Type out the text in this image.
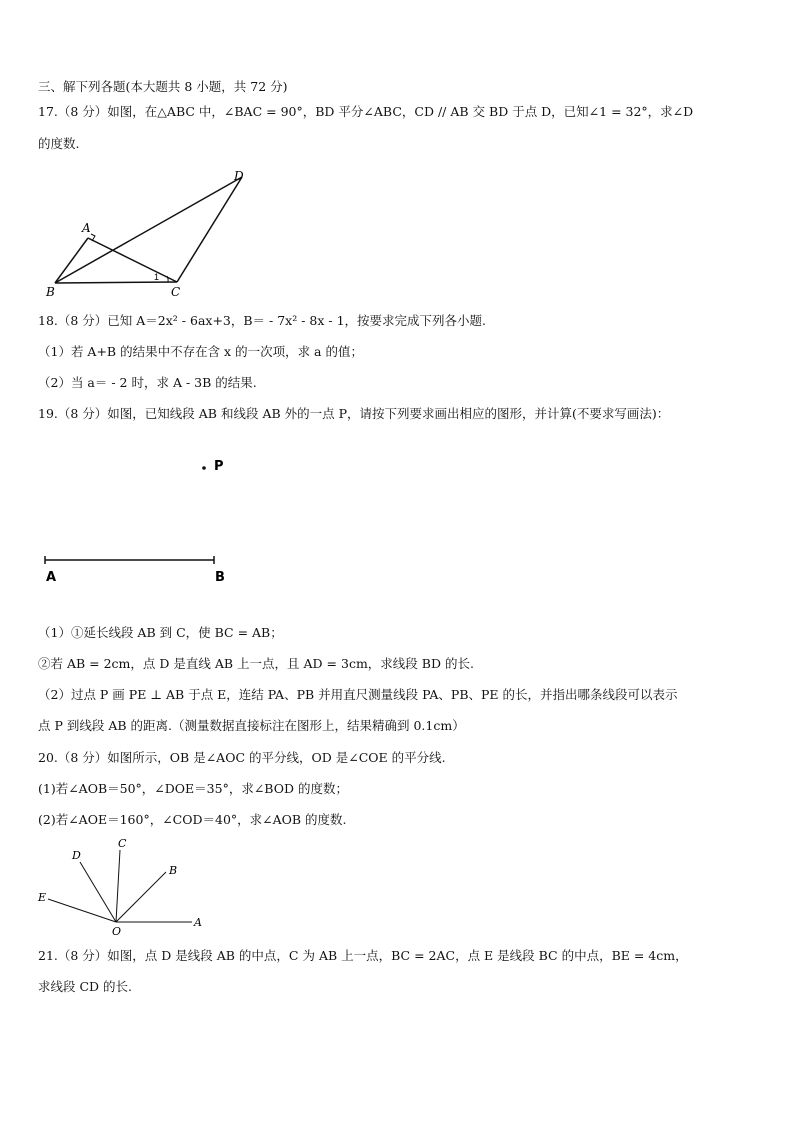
三、解下列各题(本大题共 8 小题，共 72 分)
17.（8 分）如图，在△ABC 中，∠BAC = 90°，BD 平分∠ABC，CD // AB 交 BD 于点 D，已知∠1 = 32°，求∠D
的度数.
D
A
B	C
1
18.（8 分）已知 A＝2x² - 6ax+3，B＝ - 7x² - 8x - 1，按要求完成下列各小题.
（1）若 A+B 的结果中不存在含 x 的一次项，求 a 的值；
（2）当 a＝ - 2 时，求 A - 3B 的结果.
19.（8 分）如图，已知线段 AB 和线段 AB 外的一点 P，请按下列要求画出相应的图形，并计算(不要求写画法)：
P
A	B
（1）①延长线段 AB 到 C，使 BC = AB；
②若 AB = 2cm，点 D 是直线 AB 上一点，且 AD = 3cm，求线段 BD 的长.
（2）过点 P 画 PE ⊥ AB 于点 E，连结 PA、PB 并用直尺测量线段 PA、PB、PE 的长，并指出哪条线段可以表示
点 P 到线段 AB 的距离.（测量数据直接标注在图形上，结果精确到 0.1cm）
20.（8 分）如图所示，OB 是∠AOC 的平分线，OD 是∠COE 的平分线.
(1)若∠AOB＝50°，∠DOE＝35°，求∠BOD 的度数；
(2)若∠AOE＝160°，∠COD＝40°，求∠AOB 的度数.
C
D
B
E
O
A
21.（8 分）如图，点 D 是线段 AB 的中点，C 为 AB 上一点，BC = 2AC，点 E 是线段 BC 的中点，BE = 4cm，
求线段 CD 的长.
